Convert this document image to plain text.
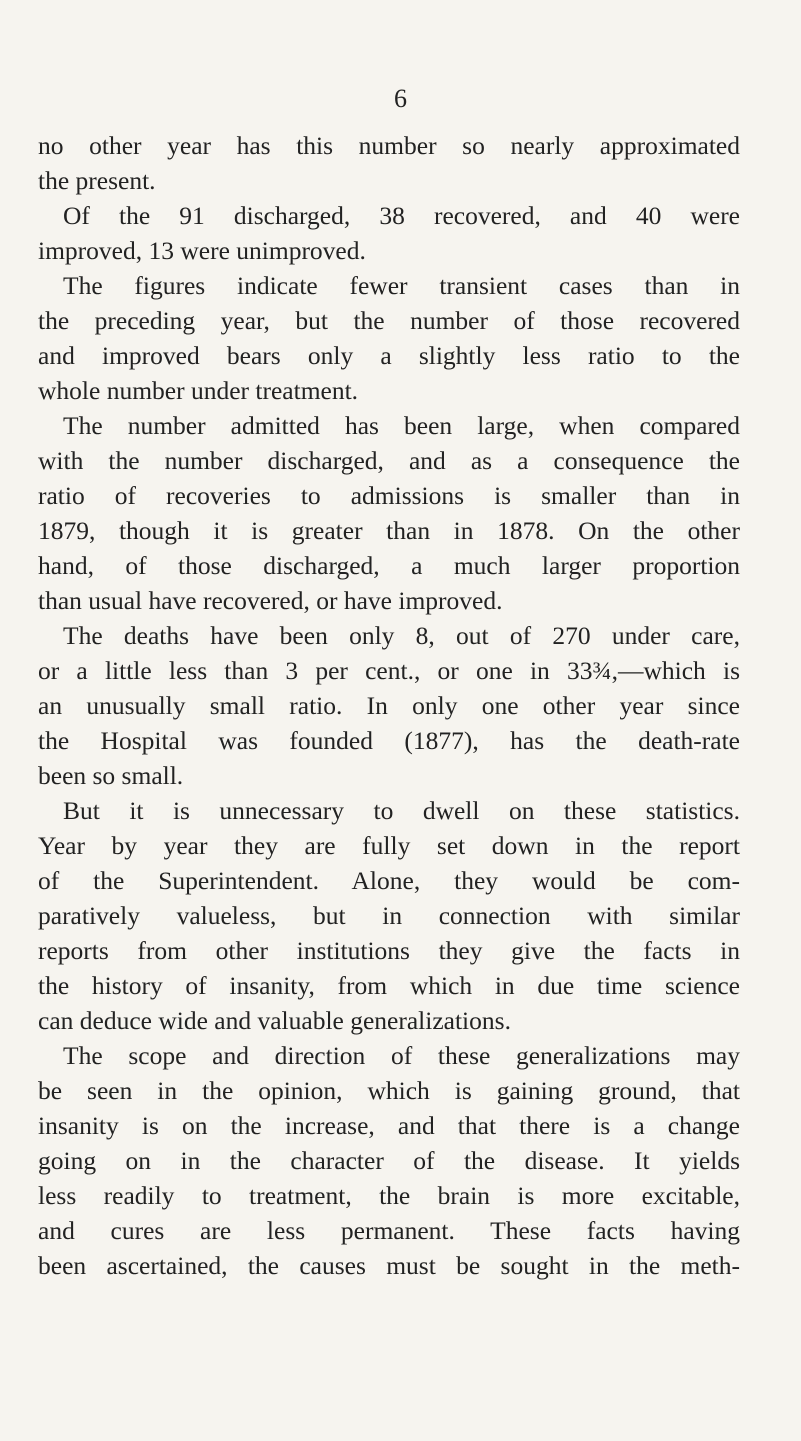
6
no other year has this number so nearly approximated
the present.
Of the 91 discharged, 38 recovered, and 40 were
improved, 13 were unimproved.
The figures indicate fewer transient cases than in
the preceding year, but the number of those recovered
and improved bears only a slightly less ratio to the
whole number under treatment.
The number admitted has been large, when compared
with the number discharged, and as a consequence the
ratio of recoveries to admissions is smaller than in
1879, though it is greater than in 1878. On the other
hand, of those discharged, a much larger proportion
than usual have recovered, or have improved.
The deaths have been only 8, out of 270 under care,
or a little less than 3 per cent., or one in 33¾,—which is
an unusually small ratio. In only one other year since
the Hospital was founded (1877), has the death-rate
been so small.
But it is unnecessary to dwell on these statistics.
Year by year they are fully set down in the report
of the Superintendent. Alone, they would be com-
paratively valueless, but in connection with similar
reports from other institutions they give the facts in
the history of insanity, from which in due time science
can deduce wide and valuable generalizations.
The scope and direction of these generalizations may
be seen in the opinion, which is gaining ground, that
insanity is on the increase, and that there is a change
going on in the character of the disease. It yields
less readily to treatment, the brain is more excitable,
and cures are less permanent. These facts having
been ascertained, the causes must be sought in the meth-
